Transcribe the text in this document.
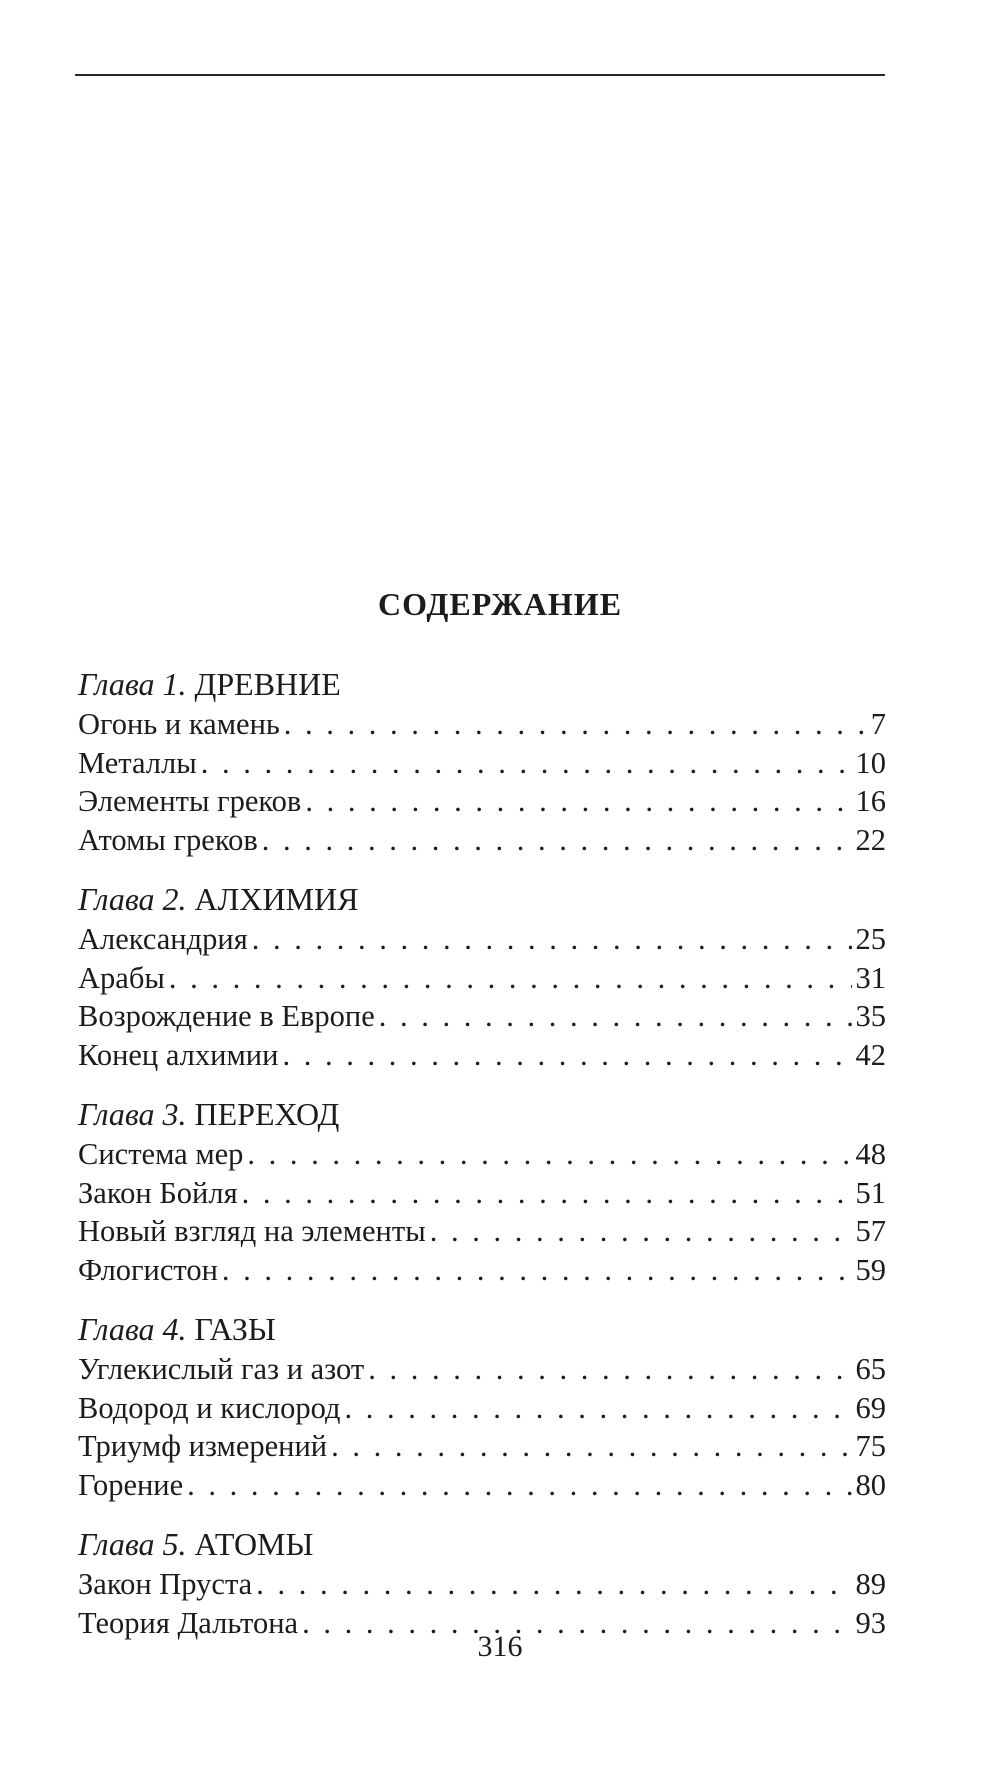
СОДЕРЖАНИЕ
Глава 1. ДРЕВНИЕ
Огонь и камень . . .	7
Металлы . . .	10
Элементы греков . . .	16
Атомы греков . . .	22
Глава 2. АЛХИМИЯ
Александрия . . .	25
Арабы . . .	31
Возрождение в Европе . . .	35
Конец алхимии . . .	42
Глава 3. ПЕРЕХОД
Система мер . . .	48
Закон Бойля . . .	51
Новый взгляд на элементы . . .	57
Флогистон . . .	59
Глава 4. ГАЗЫ
Углекислый газ и азот . . .	65
Водород и кислород . . .	69
Триумф измерений . . .	75
Горение . . .	80
Глава 5. АТОМЫ
Закон Пруста . . .	89
Теория Дальтона . . .	93
316
